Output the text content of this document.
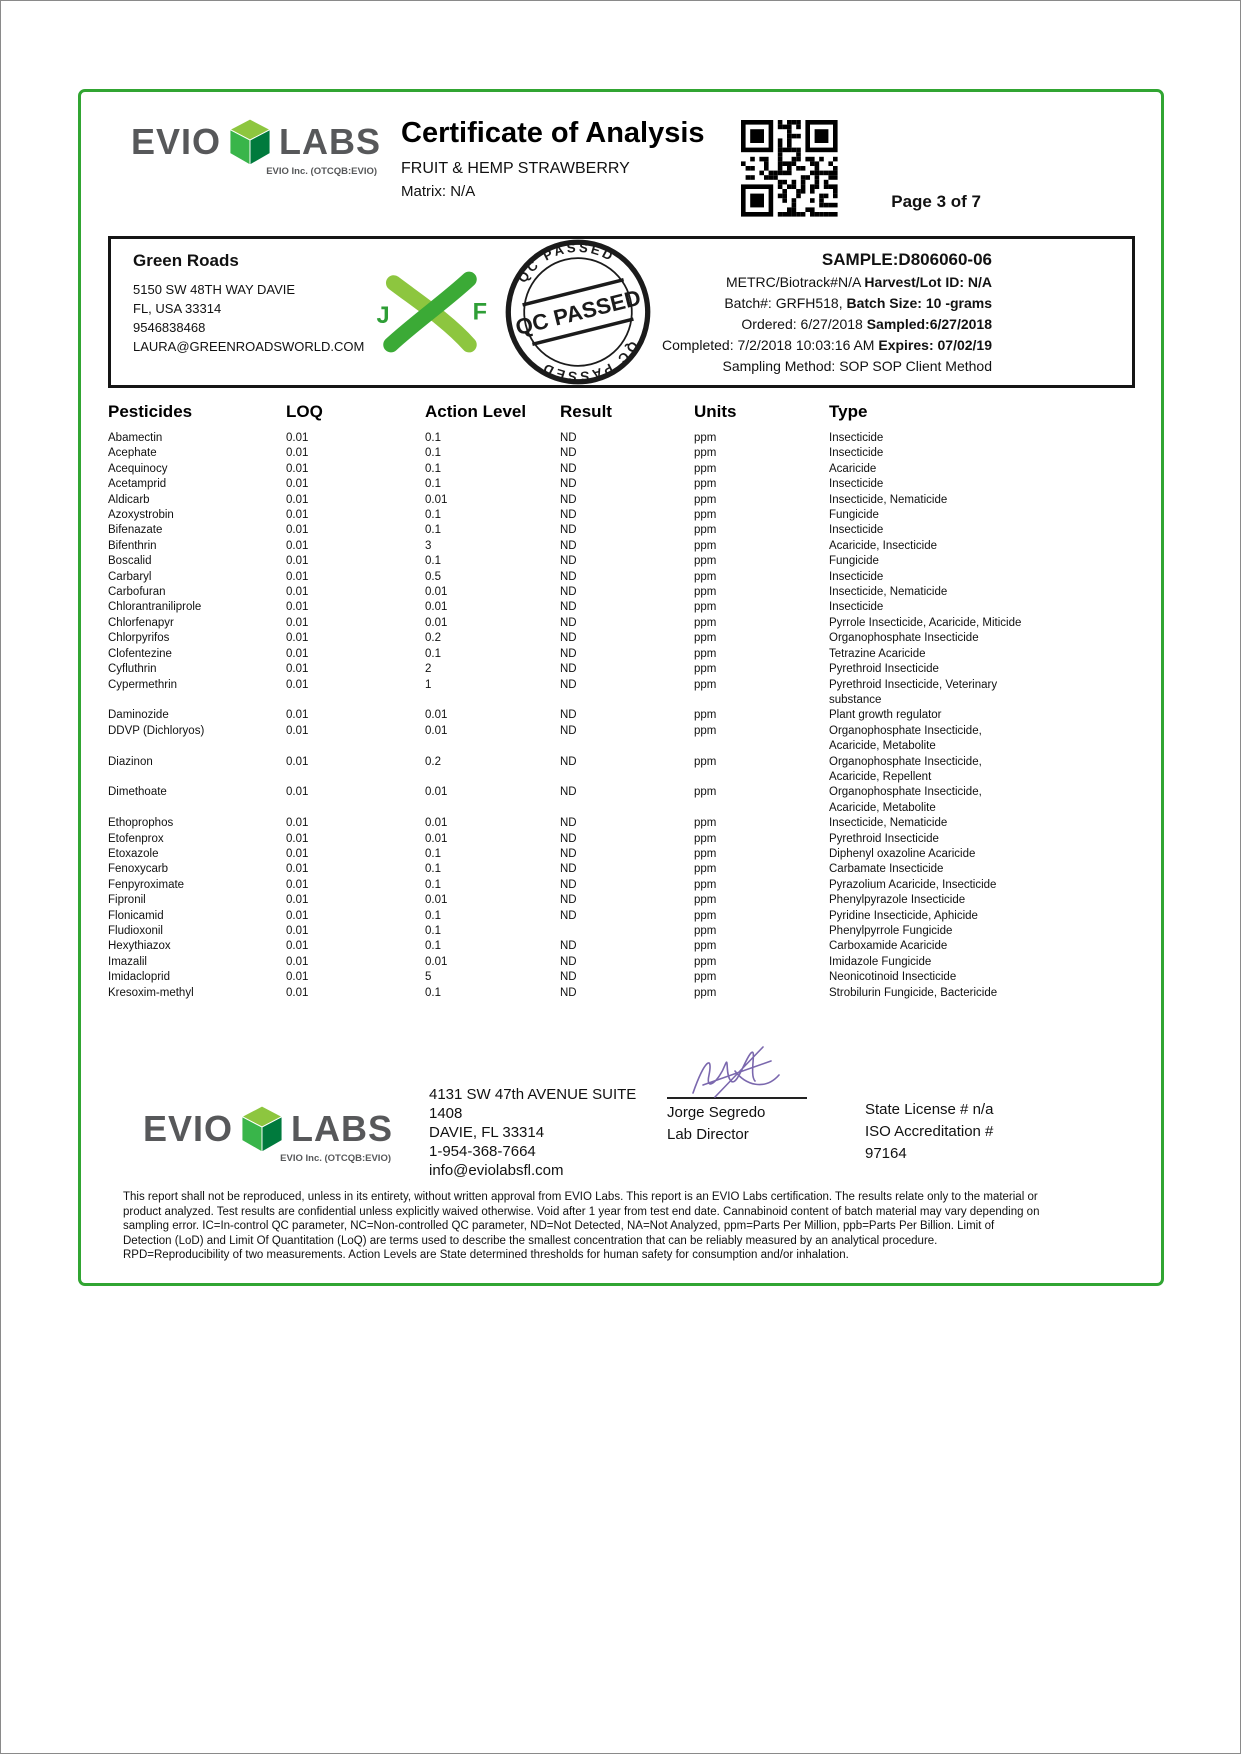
EVIO LABS
EVIO Inc. (OTCQB:EVIO)
Certificate of Analysis
FRUIT & HEMP STRAWBERRY
Matrix: N/A
Page 3 of 7
Green Roads
5150 SW 48TH WAY DAVIE
FL, USA 33314
9546838468
LAURA@GREENROADSWORLD.COM
J	F
QC PASSED
QC PASSED
QC PASSED
SAMPLE:D806060-06
METRC/Biotrack#N/A Harvest/Lot ID: N/A
Batch#: GRFH518, Batch Size: 10 -grams
Ordered: 6/27/2018 Sampled:6/27/2018
Completed: 7/2/2018 10:03:16 AM Expires: 07/02/19
Sampling Method: SOP SOP Client Method
Pesticides	LOQ	Action Level	Result	Units	Type
Abamectin	0.01	0.1	ND	ppm	Insecticide
Acephate	0.01	0.1	ND	ppm	Insecticide
Acequinocy	0.01	0.1	ND	ppm	Acaricide
Acetamprid	0.01	0.1	ND	ppm	Insecticide
Aldicarb	0.01	0.01	ND	ppm	Insecticide, Nematicide
Azoxystrobin	0.01	0.1	ND	ppm	Fungicide
Bifenazate	0.01	0.1	ND	ppm	Insecticide
Bifenthrin	0.01	3	ND	ppm	Acaricide, Insecticide
Boscalid	0.01	0.1	ND	ppm	Fungicide
Carbaryl	0.01	0.5	ND	ppm	Insecticide
Carbofuran	0.01	0.01	ND	ppm	Insecticide, Nematicide
Chlorantraniliprole	0.01	0.01	ND	ppm	Insecticide
Chlorfenapyr	0.01	0.01	ND	ppm	Pyrrole Insecticide, Acaricide, Miticide
Chlorpyrifos	0.01	0.2	ND	ppm	Organophosphate Insecticide
Clofentezine	0.01	0.1	ND	ppm	Tetrazine Acaricide
Cyfluthrin	0.01	2	ND	ppm	Pyrethroid Insecticide
Cypermethrin	0.01	1	ND	ppm	Pyrethroid Insecticide, Veterinary substance
Daminozide	0.01	0.01	ND	ppm	Plant growth regulator
DDVP (Dichloryos)	0.01	0.01	ND	ppm	Organophosphate Insecticide, Acaricide, Metabolite
Diazinon	0.01	0.2	ND	ppm	Organophosphate Insecticide, Acaricide, Repellent
Dimethoate	0.01	0.01	ND	ppm	Organophosphate Insecticide, Acaricide, Metabolite
Ethoprophos	0.01	0.01	ND	ppm	Insecticide, Nematicide
Etofenprox	0.01	0.01	ND	ppm	Pyrethroid Insecticide
Etoxazole	0.01	0.1	ND	ppm	Diphenyl oxazoline Acaricide
Fenoxycarb	0.01	0.1	ND	ppm	Carbamate Insecticide
Fenpyroximate	0.01	0.1	ND	ppm	Pyrazolium Acaricide, Insecticide
Fipronil	0.01	0.01	ND	ppm	Phenylpyrazole Insecticide
Flonicamid	0.01	0.1	ND	ppm	Pyridine Insecticide, Aphicide
Fludioxonil	0.01	0.1		ppm	Phenylpyrrole Fungicide
Hexythiazox	0.01	0.1	ND	ppm	Carboxamide Acaricide
Imazalil	0.01	0.01	ND	ppm	Imidazole Fungicide
Imidacloprid	0.01	5	ND	ppm	Neonicotinoid Insecticide
Kresoxim-methyl	0.01	0.1	ND	ppm	Strobilurin Fungicide, Bactericide
EVIO LABS
EVIO Inc. (OTCQB:EVIO)
4131 SW 47th AVENUE SUITE
1408
DAVIE, FL 33314
1-954-368-7664
info@eviolabsfl.com
Jorge Segredo
Lab Director
State License # n/a
ISO Accreditation #
97164
This report shall not be reproduced, unless in its entirety, without written approval from EVIO Labs. This report is an EVIO Labs certification. The results relate only to the material or product analyzed. Test results are confidential unless explicitly waived otherwise. Void after 1 year from test end date. Cannabinoid content of batch material may vary depending on sampling error. IC=In-control QC parameter, NC=Non-controlled QC parameter, ND=Not Detected, NA=Not Analyzed, ppm=Parts Per Million, ppb=Parts Per Billion. Limit of Detection (LoD) and Limit Of Quantitation (LoQ) are terms used to describe the smallest concentration that can be reliably measured by an analytical procedure. RPD=Reproducibility of two measurements. Action Levels are State determined thresholds for human safety for consumption and/or inhalation.
